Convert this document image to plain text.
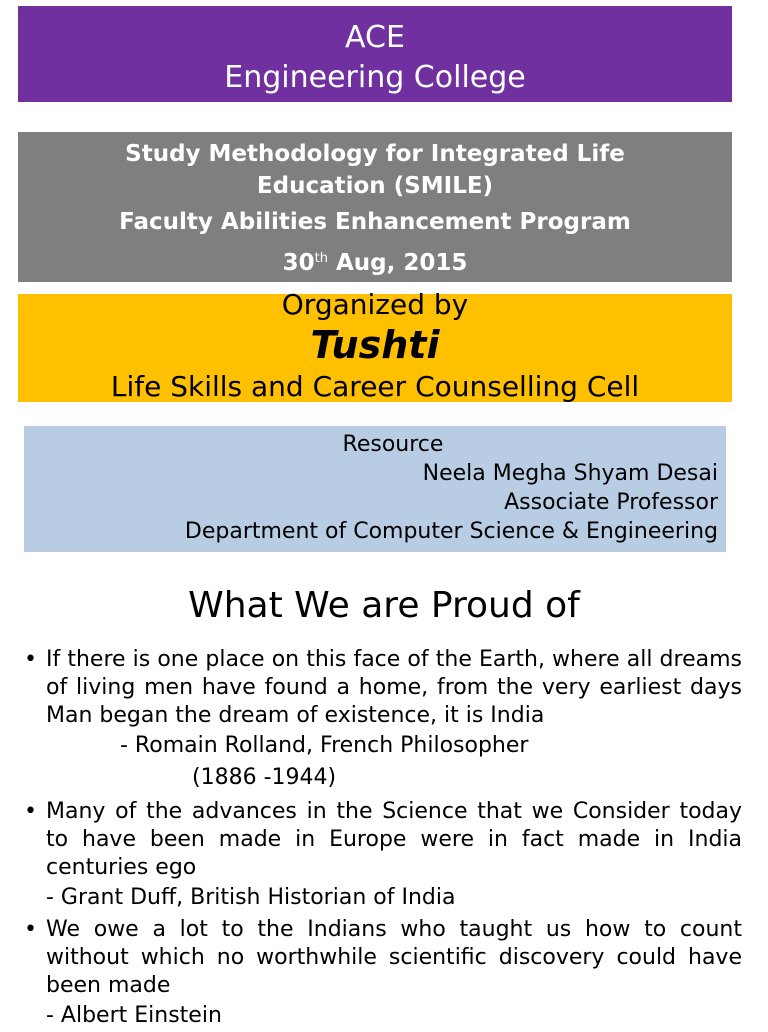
ACE
Engineering College
Study Methodology for Integrated Life
Education (SMILE)
Faculty Abilities Enhancement Program
30th Aug, 2015
Organized by
Tushti
Life Skills and Career Counselling Cell
Resource
Neela Megha Shyam Desai
Associate Professor
Department of Computer Science & Engineering
What We are Proud of
• If there is one place on this face of the Earth, where all dreams of living men have found a home, from the very earliest days Man began the dream of existence, it is India
- Romain Rolland, French Philosopher
(1886 -1944)
• Many of the advances in the Science that we Consider today to have been made in Europe were in fact made in India centuries ego
- Grant Duff, British Historian of India
• We owe a lot to the Indians who taught us how to count without which no worthwhile scientific discovery could have been made
- Albert Einstein
